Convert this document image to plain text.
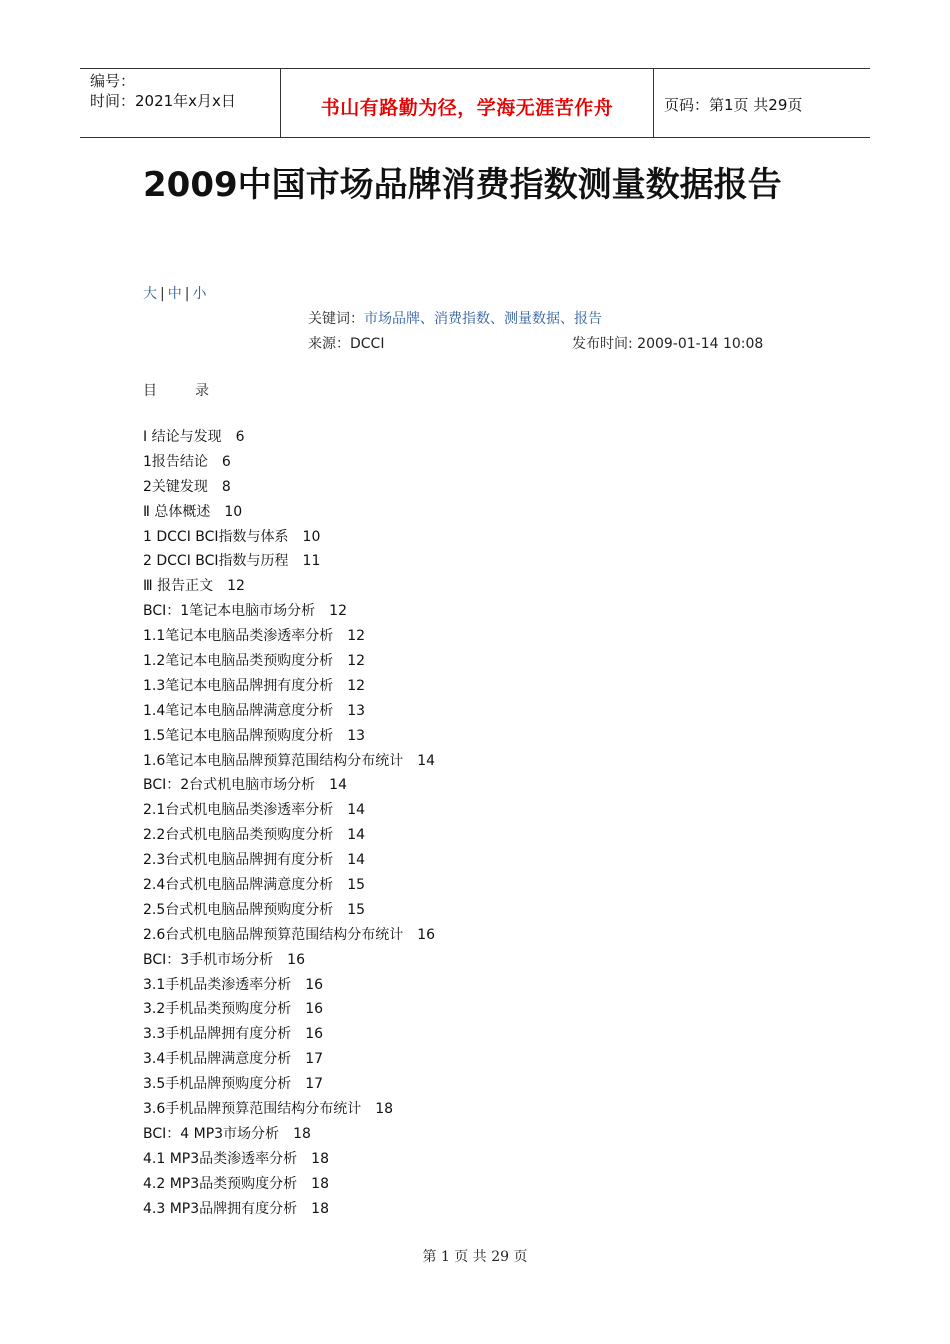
编号：
时间：2021年x月x日	书山有路勤为径，学海无涯苦作舟	页码：第1页 共29页
2009中国市场品牌消费指数测量数据报告
大 | 中 | 小
关键词：市场品牌、消费指数、测量数据、报告
来源：DCCI	发布时间: 2009-01-14 10:08
目	录
Ⅰ 结论与发现 6
1报告结论 6
2关键发现 8
Ⅱ 总体概述 10
1 DCCI BCI指数与体系 10
2 DCCI BCI指数与历程 11
Ⅲ 报告正文 12
BCI：1笔记本电脑市场分析 12
1.1笔记本电脑品类渗透率分析 12
1.2笔记本电脑品类预购度分析 12
1.3笔记本电脑品牌拥有度分析 12
1.4笔记本电脑品牌满意度分析 13
1.5笔记本电脑品牌预购度分析 13
1.6笔记本电脑品牌预算范围结构分布统计 14
BCI：2台式机电脑市场分析 14
2.1台式机电脑品类渗透率分析 14
2.2台式机电脑品类预购度分析 14
2.3台式机电脑品牌拥有度分析 14
2.4台式机电脑品牌满意度分析 15
2.5台式机电脑品牌预购度分析 15
2.6台式机电脑品牌预算范围结构分布统计 16
BCI：3手机市场分析 16
3.1手机品类渗透率分析 16
3.2手机品类预购度分析 16
3.3手机品牌拥有度分析 16
3.4手机品牌满意度分析 17
3.5手机品牌预购度分析 17
3.6手机品牌预算范围结构分布统计 18
BCI：4 MP3市场分析 18
4.1 MP3品类渗透率分析 18
4.2 MP3品类预购度分析 18
4.3 MP3品牌拥有度分析 18
第 1 页 共 29 页
